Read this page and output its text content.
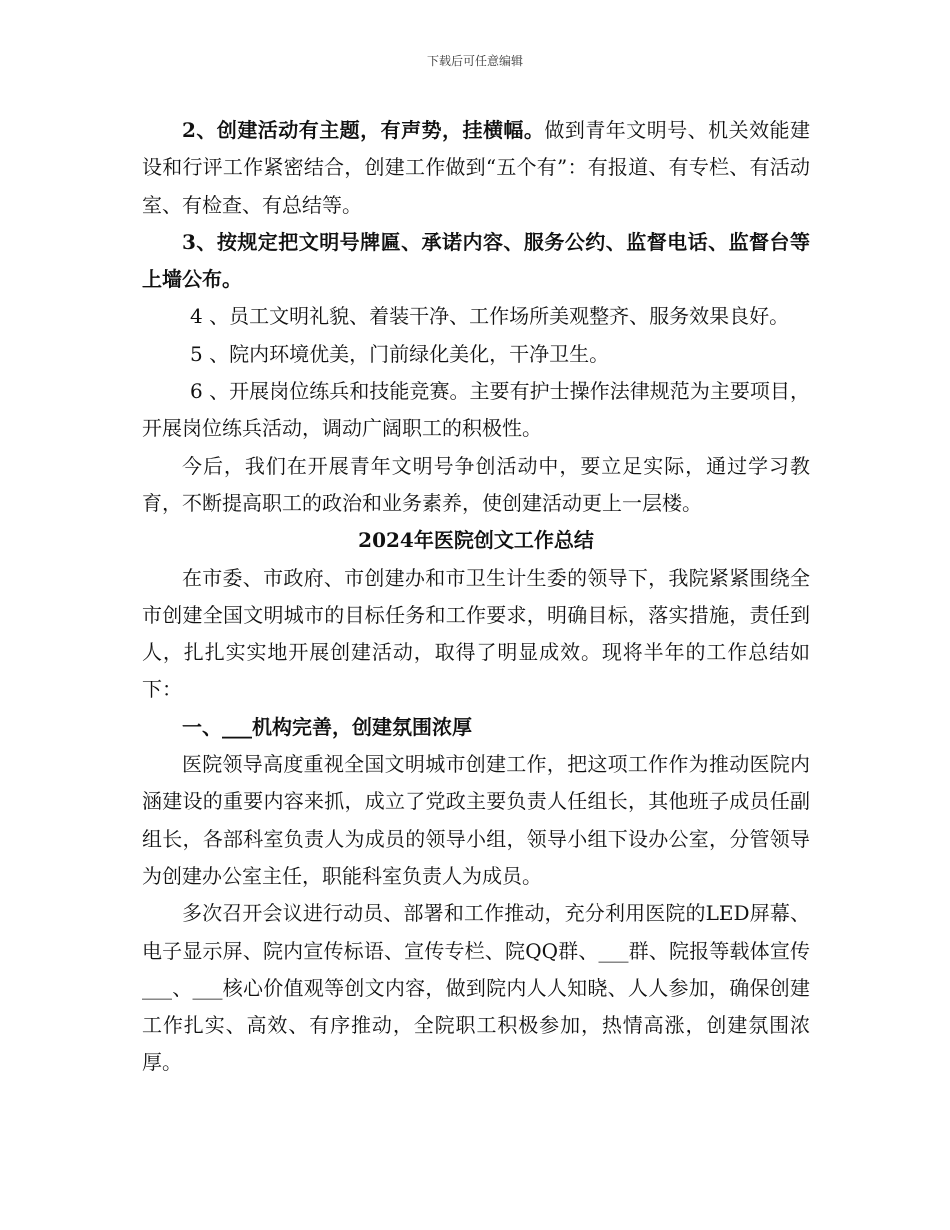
下载后可任意编辑

2、创建活动有主题，有声势，挂横幅。做到青年文明号、机关效能建设和行评工作紧密结合，创建工作做到“五个有”：有报道、有专栏、有活动室、有检查、有总结等。

3、按规定把文明号牌匾、承诺内容、服务公约、监督电话、监督台等上墙公布。

4 、员工文明礼貌、着装干净、工作场所美观整齐、服务效果良好。

5 、院内环境优美，门前绿化美化，干净卫生。

6 、开展岗位练兵和技能竞赛。主要有护士操作法律规范为主要项目，开展岗位练兵活动，调动广阔职工的积极性。

今后，我们在开展青年文明号争创活动中，要立足实际，通过学习教育，不断提高职工的政治和业务素养，使创建活动更上一层楼。

2024年医院创文工作总结

在市委、市政府、市创建办和市卫生计生委的领导下，我院紧紧围绕全市创建全国文明城市的目标任务和工作要求，明确目标，落实措施，责任到人，扎扎实实地开展创建活动，取得了明显成效。现将半年的工作总结如下：

一、___机构完善，创建氛围浓厚

医院领导高度重视全国文明城市创建工作，把这项工作作为推动医院内涵建设的重要内容来抓，成立了党政主要负责人任组长，其他班子成员任副组长，各部科室负责人为成员的领导小组，领导小组下设办公室，分管领导为创建办公室主任，职能科室负责人为成员。

多次召开会议进行动员、部署和工作推动，充分利用医院的LED屏幕、电子显示屏、院内宣传标语、宣传专栏、院QQ群、___群、院报等载体宣传___、___核心价值观等创文内容，做到院内人人知晓、人人参加，确保创建工作扎实、高效、有序推动，全院职工积极参加，热情高涨，创建氛围浓厚。
